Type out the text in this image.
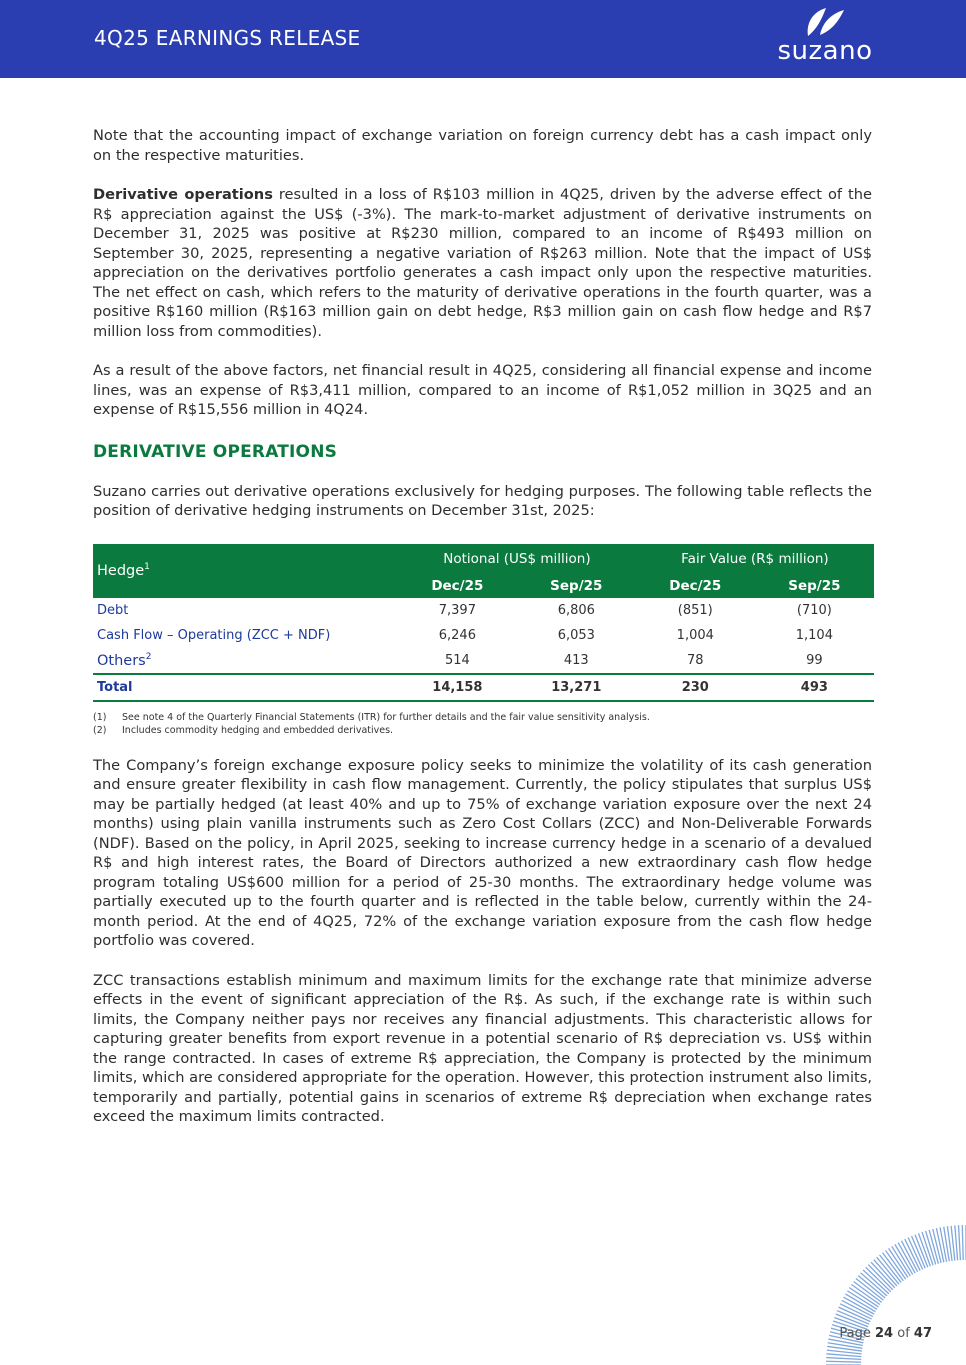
4Q25 EARNINGS RELEASE	suzano

Note that the accounting impact of exchange variation on foreign currency debt has a cash impact only on the respective maturities.

Derivative operations resulted in a loss of R$103 million in 4Q25, driven by the adverse effect of the R$ appreciation against the US$ (-3%). The mark-to-market adjustment of derivative instruments on December 31, 2025 was positive at R$230 million, compared to an income of R$493 million on September 30, 2025, representing a negative variation of R$263 million. Note that the impact of US$ appreciation on the derivatives portfolio generates a cash impact only upon the respective maturities. The net effect on cash, which refers to the maturity of derivative operations in the fourth quarter, was a positive R$160 million (R$163 million gain on debt hedge, R$3 million gain on cash flow hedge and R$7 million loss from commodities).

As a result of the above factors, net financial result in 4Q25, considering all financial expense and income lines, was an expense of R$3,411 million, compared to an income of R$1,052 million in 3Q25 and an expense of R$15,556 million in 4Q24.

DERIVATIVE OPERATIONS

Suzano carries out derivative operations exclusively for hedging purposes. The following table reflects the position of derivative hedging instruments on December 31st, 2025:

Hedge$^1$	Notional (US$ million)		Fair Value (R$ million)	
	Dec/25	Sep/25	Dec/25	Sep/25
Debt	7,397	6,806	(851)	(710)
Cash Flow – Operating (ZCC + NDF)	6,246	6,053	1,004	1,104
Others$^2$	514	413	78	99
Total	14,158	13,271	230	493
(1)	See note 4 of the Quarterly Financial Statements (ITR) for further details and the fair value sensitivity analysis.
(2)	Includes commodity hedging and embedded derivatives.

The Company’s foreign exchange exposure policy seeks to minimize the volatility of its cash generation and ensure greater flexibility in cash flow management. Currently, the policy stipulates that surplus US$ may be partially hedged (at least 40% and up to 75% of exchange variation exposure over the next 24 months) using plain vanilla instruments such as Zero Cost Collars (ZCC) and Non-Deliverable Forwards (NDF). Based on the policy, in April 2025, seeking to increase currency hedge in a scenario of a devalued R$ and high interest rates, the Board of Directors authorized a new extraordinary cash flow hedge program totaling US$600 million for a period of 25-30 months. The extraordinary hedge volume was partially executed up to the fourth quarter and is reflected in the table below, currently within the 24-month period. At the end of 4Q25, 72% of the exchange variation exposure from the cash flow hedge portfolio was covered.

ZCC transactions establish minimum and maximum limits for the exchange rate that minimize adverse effects in the event of significant appreciation of the R$. As such, if the exchange rate is within such limits, the Company neither pays nor receives any financial adjustments. This characteristic allows for capturing greater benefits from export revenue in a potential scenario of R$ depreciation vs. US$ within the range contracted. In cases of extreme R$ appreciation, the Company is protected by the minimum limits, which are considered appropriate for the operation. However, this protection instrument also limits, temporarily and partially, potential gains in scenarios of extreme R$ depreciation when exchange rates exceed the maximum limits contracted.

Page 24 of 47
